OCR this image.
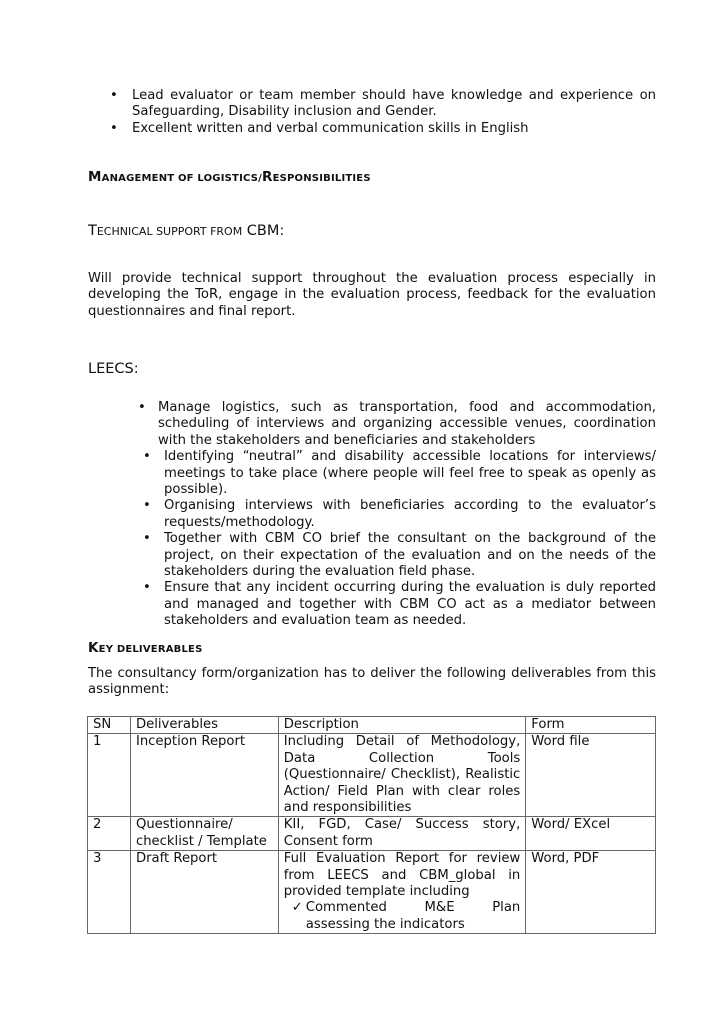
• Lead evaluator or team member should have knowledge and experience on Safeguarding, Disability inclusion and Gender.
• Excellent written and verbal communication skills in English
MANAGEMENT OF LOGISTICS/RESPONSIBILITIES
TECHNICAL SUPPORT FROM CBM:

Will provide technical support throughout the evaluation process especially in developing the ToR, engage in the evaluation process, feedback for the evaluation questionnaires and final report.

LEECS:
• Manage logistics, such as transportation, food and accommodation, scheduling of interviews and organizing accessible venues, coordination with the stakeholders and beneficiaries and stakeholders
• Identifying “neutral” and disability accessible locations for interviews/ meetings to take place (where people will feel free to speak as openly as possible).
• Organising interviews with beneficiaries according to the evaluator’s requests/methodology.
• Together with CBM CO brief the consultant on the background of the project, on their expectation of the evaluation and on the needs of the stakeholders during the evaluation field phase.
• Ensure that any incident occurring during the evaluation is duly reported and managed and together with CBM CO act as a mediator between stakeholders and evaluation team as needed.
KEY DELIVERABLES

The consultancy form/organization has to deliver the following deliverables from this assignment:

SN	Deliverables	Description	Form
1	Inception Report	Including Detail of Methodology, Data Collection Tools (Questionnaire/ Checklist), Realistic Action/ Field Plan with clear roles and responsibilities	Word file
2	Questionnaire/ checklist / Template	KII, FGD, Case/ Success story, Consent form	Word/ EXcel
3	Draft Report	Full Evaluation Report for review from LEECS and CBM_global in provided template including
✓ Commented M&E Plan assessing the indicators	Word, PDF
